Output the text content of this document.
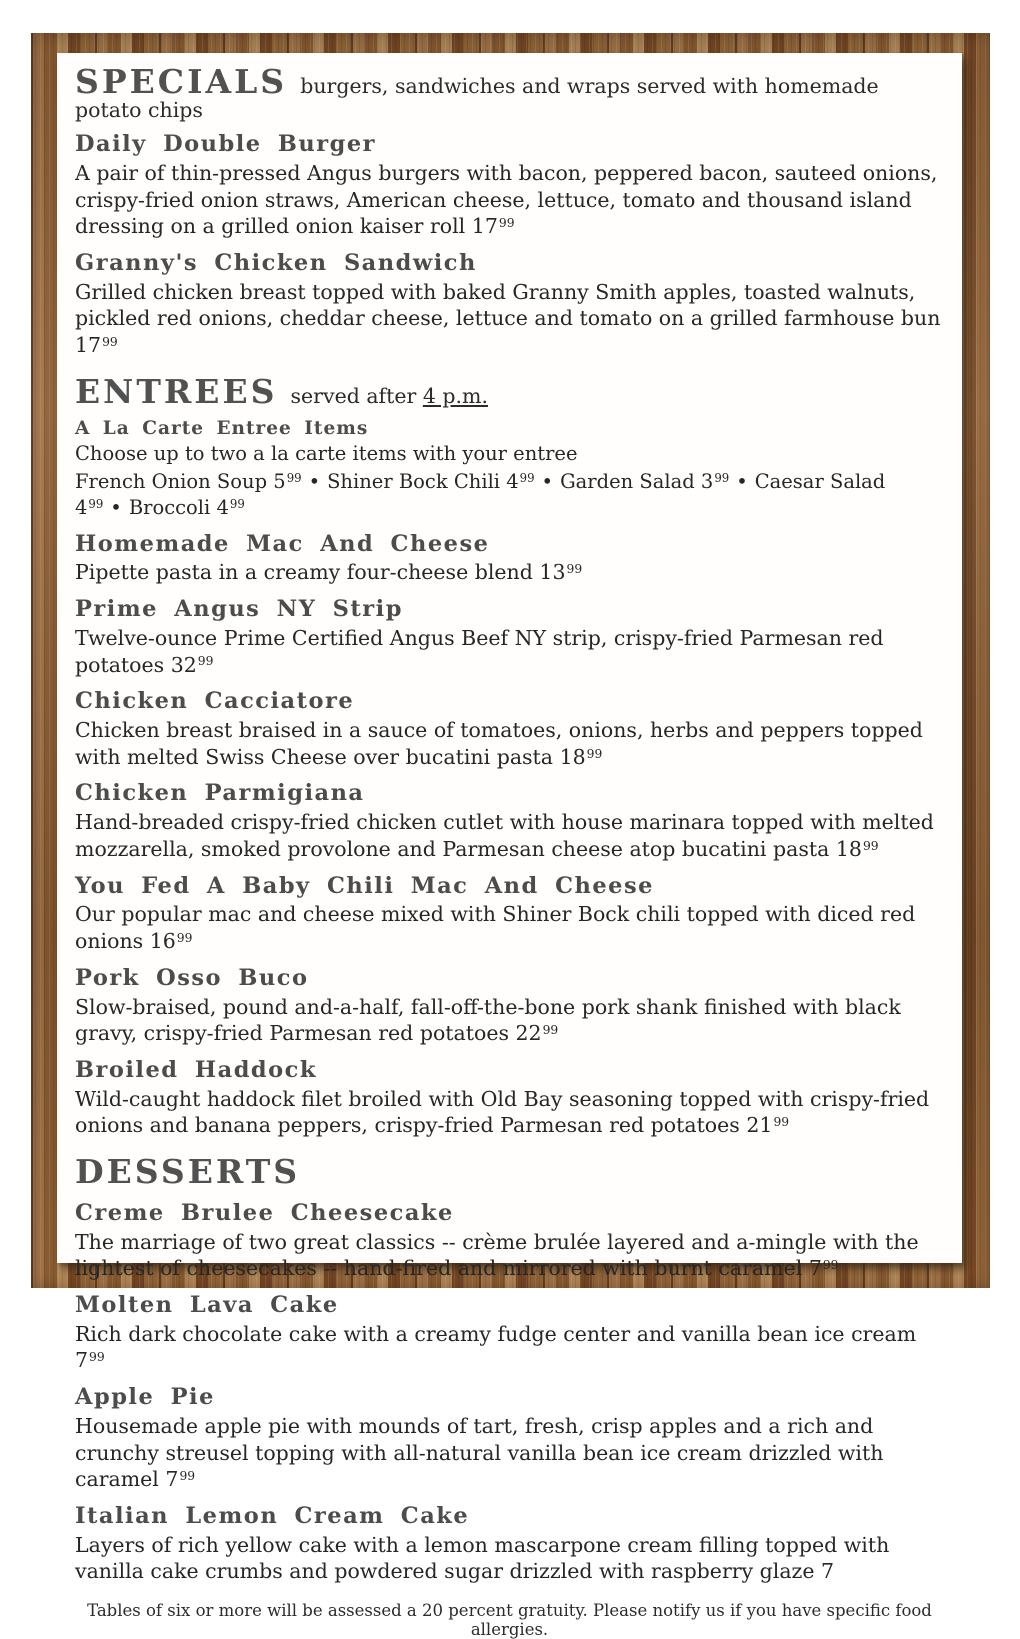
SPECIALS burgers, sandwiches and wraps served with homemade potato chips
Daily Double Burger

A pair of thin-pressed Angus burgers with bacon, peppered bacon, sauteed onions, crispy-fried onion straws, American cheese, lettuce, tomato and thousand island dressing on a grilled onion kaiser roll $17^{99}$

Granny's Chicken Sandwich

Grilled chicken breast topped with baked Granny Smith apples, toasted walnuts, pickled red onions, cheddar cheese, lettuce and tomato on a grilled farmhouse bun $17^{99}$

ENTREES served after 4 p.m.
A La Carte Entree Items

Choose up to two a la carte items with your entree

French Onion Soup $5^{99}$ • Shiner Bock Chili $4^{99}$ • Garden Salad $3^{99}$ • Caesar Salad $4^{99}$ • Broccoli $4^{99}$

Homemade Mac And Cheese

Pipette pasta in a creamy four-cheese blend $13^{99}$

Prime Angus NY Strip

Twelve-ounce Prime Certified Angus Beef NY strip, crispy-fried Parmesan red potatoes $32^{99}$

Chicken Cacciatore

Chicken breast braised in a sauce of tomatoes, onions, herbs and peppers topped with melted Swiss Cheese over bucatini pasta $18^{99}$

Chicken Parmigiana

Hand-breaded crispy-fried chicken cutlet with house marinara topped with melted mozzarella, smoked provolone and Parmesan cheese atop bucatini pasta $18^{99}$

You Fed A Baby Chili Mac And Cheese

Our popular mac and cheese mixed with Shiner Bock chili topped with diced red onions $16^{99}$

Pork Osso Buco

Slow-braised, pound and-a-half, fall-off-the-bone pork shank finished with black gravy, crispy-fried Parmesan red potatoes $22^{99}$

Broiled Haddock

Wild-caught haddock filet broiled with Old Bay seasoning topped with crispy-fried onions and banana peppers, crispy-fried Parmesan red potatoes $21^{99}$

DESSERTS
Creme Brulee Cheesecake

The marriage of two great classics -- crème brulée layered and a-mingle with the lightest of cheesecakes -- hand-fired and mirrored with burnt caramel $7^{99}$

Molten Lava Cake

Rich dark chocolate cake with a creamy fudge center and vanilla bean ice cream $7^{99}$

Apple Pie

Housemade apple pie with mounds of tart, fresh, crisp apples and a rich and crunchy streusel topping with all-natural vanilla bean ice cream drizzled with caramel $7^{99}$

Italian Lemon Cream Cake

Layers of rich yellow cake with a lemon mascarpone cream filling topped with vanilla cake crumbs and powdered sugar drizzled with raspberry glaze 7

Tables of six or more will be assessed a 20 percent gratuity. Please notify us if you have specific food allergies.
